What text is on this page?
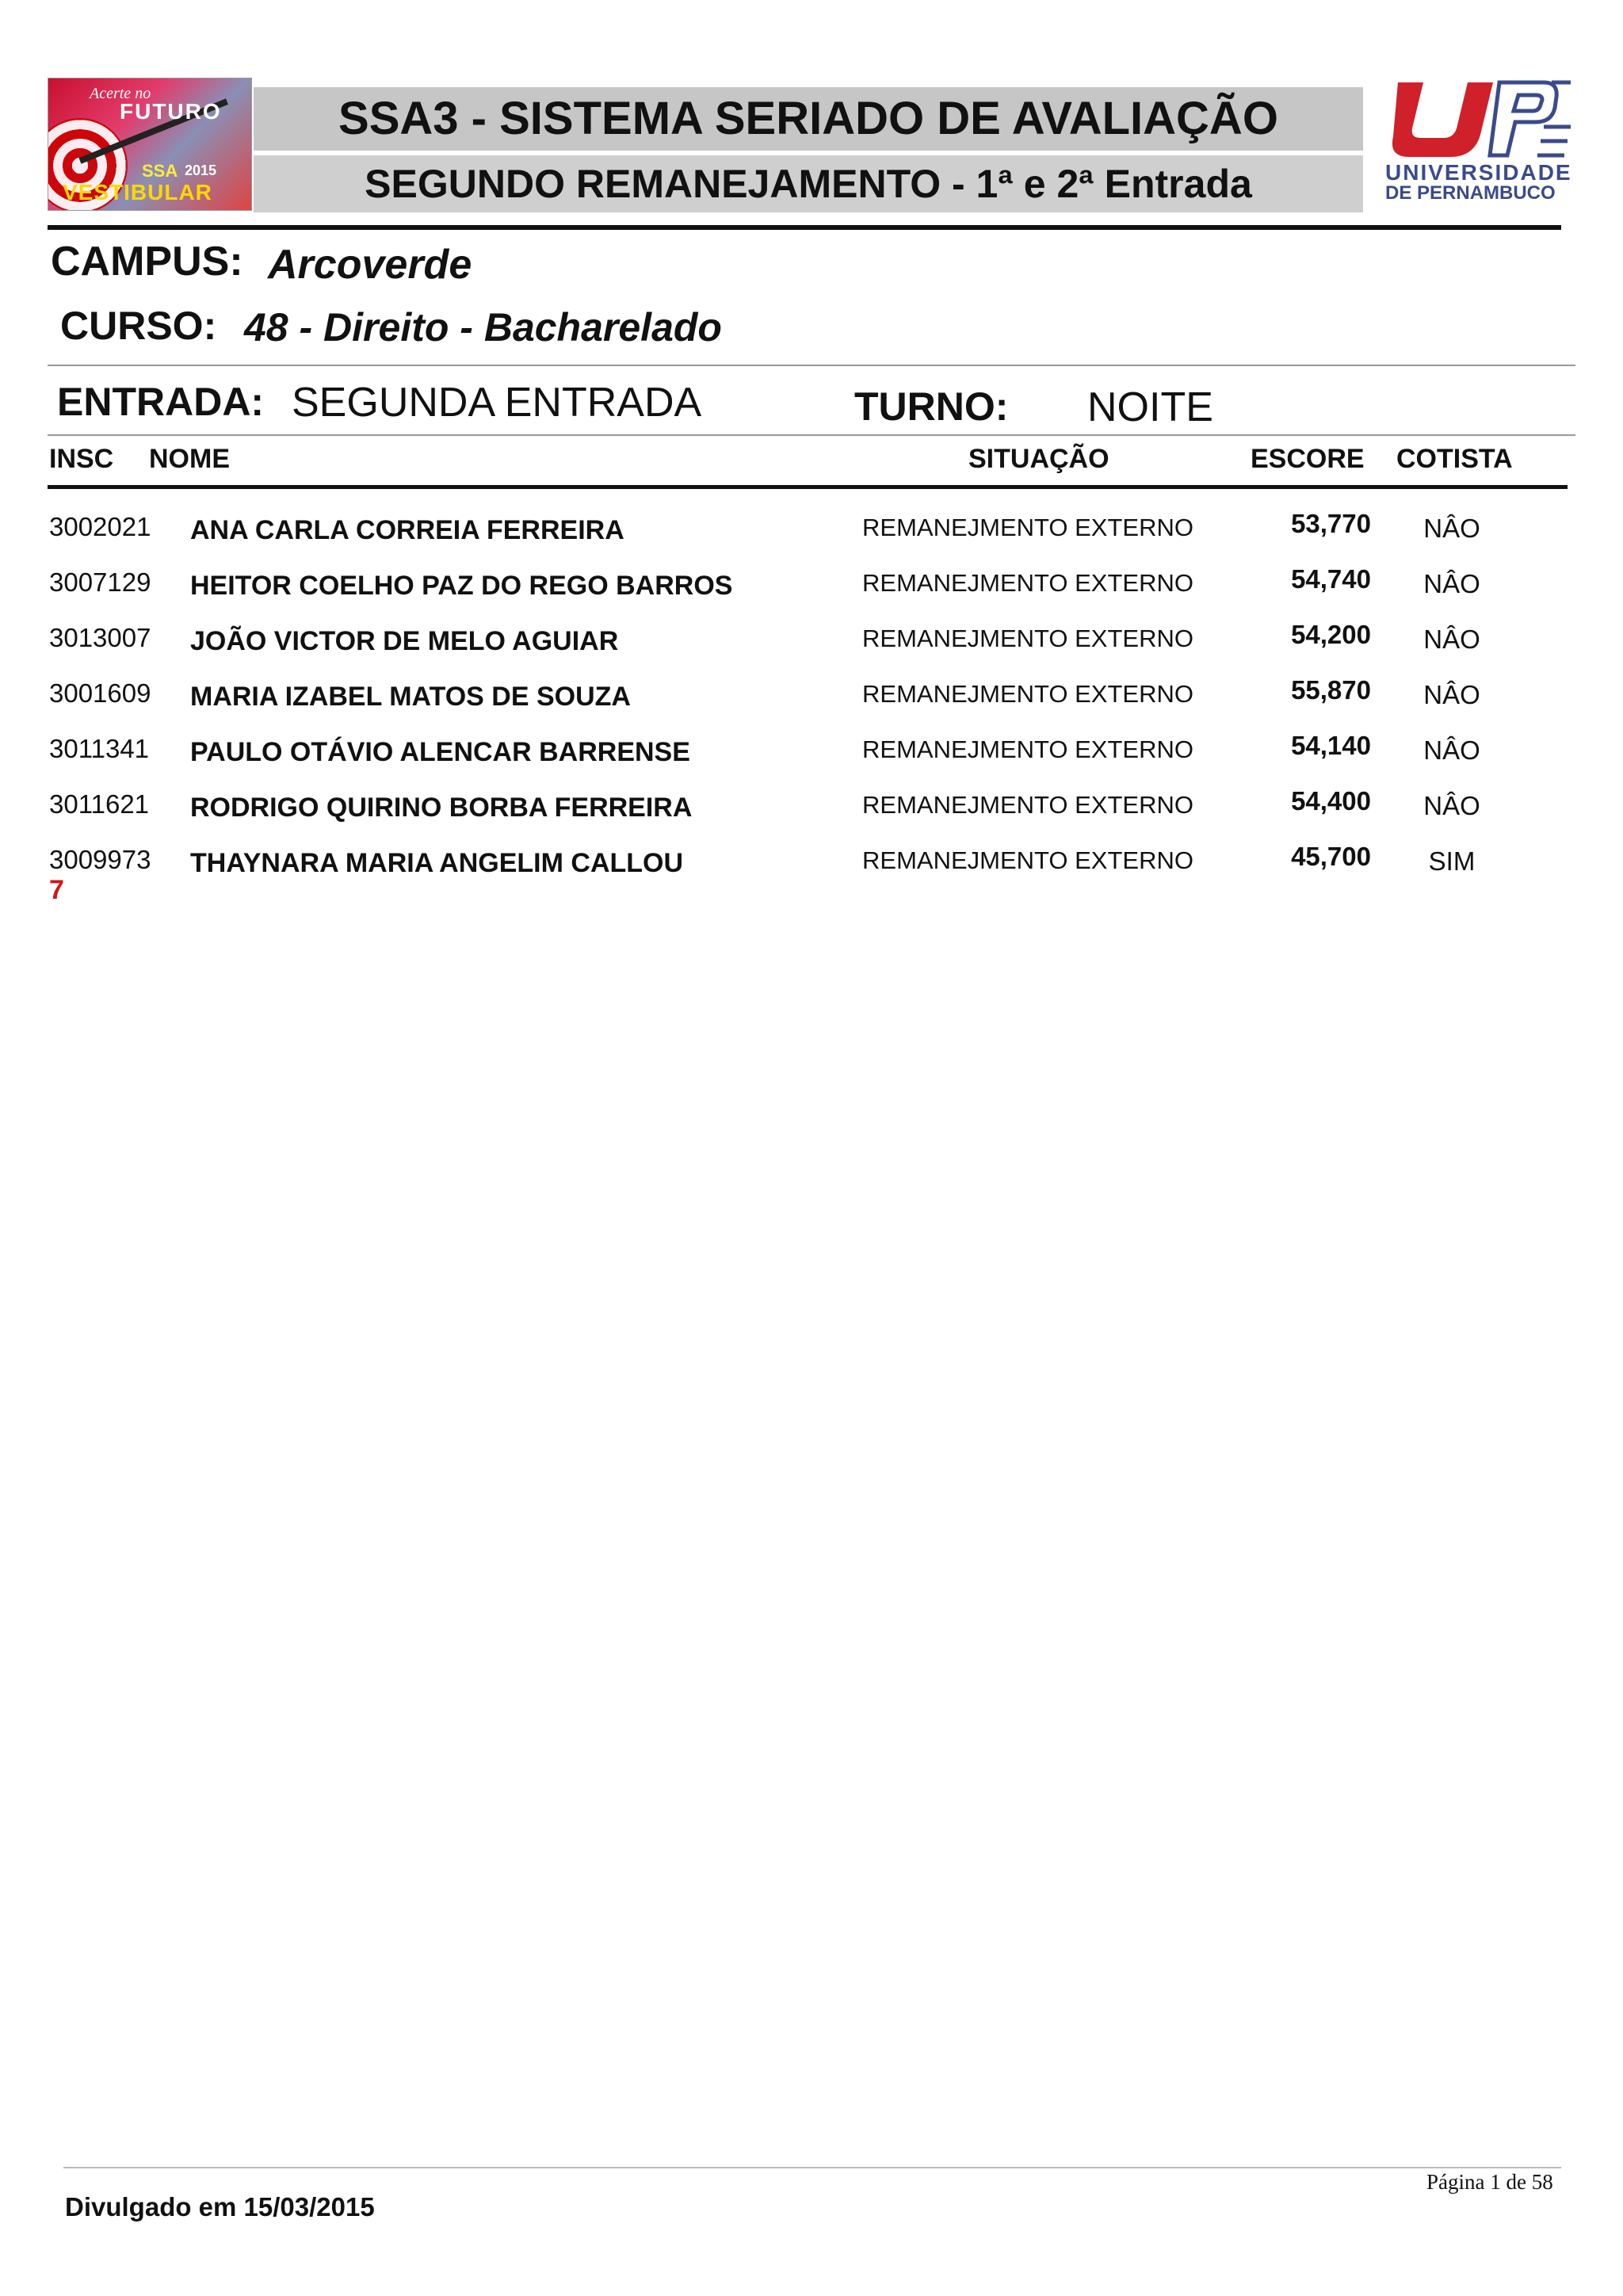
Acerte no
FUTURO
SSA 2015
VESTIBULAR
SSA3 - SISTEMA SERIADO DE AVALIAÇÃO
SEGUNDO REMANEJAMENTO - 1ª e 2ª Entrada	UNIVERSIDADE
DE PERNAMBUCO
CAMPUS: Arcoverde
CURSO: 48 - Direito - Bacharelado
ENTRADA: SEGUNDA ENTRADA	TURNO: NOITE
INSC NOME	SITUAÇÃO	ESCORE COTISTA
3002021 ANA CARLA CORREIA FERREIRA	REMANEJMENTO EXTERNO	53,770	NÂO
3007129 HEITOR COELHO PAZ DO REGO BARROS	REMANEJMENTO EXTERNO	54,740	NÂO
3013007 JOÃO VICTOR DE MELO AGUIAR	REMANEJMENTO EXTERNO	54,200	NÂO
3001609 MARIA IZABEL MATOS DE SOUZA	REMANEJMENTO EXTERNO	55,870	NÂO
3011341 PAULO OTÁVIO ALENCAR BARRENSE	REMANEJMENTO EXTERNO	54,140	NÂO
3011621 RODRIGO QUIRINO BORBA FERREIRA	REMANEJMENTO EXTERNO	54,400	NÂO
3009973 THAYNARA MARIA ANGELIM CALLOU	REMANEJMENTO EXTERNO	45,700	SIM
7
Página 1 de 58
Divulgado em 15/03/2015
